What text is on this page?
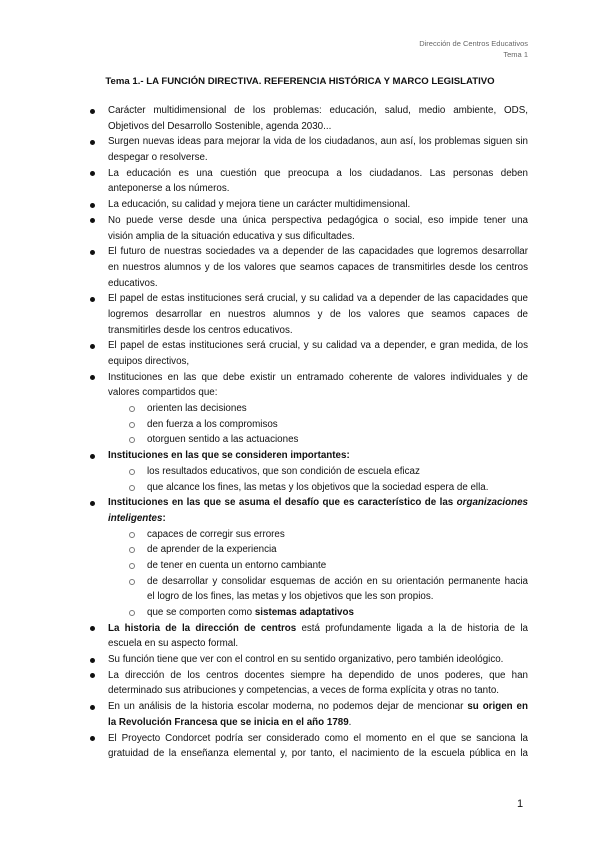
Dirección de Centros Educativos
Tema 1
Tema 1.- LA FUNCIÓN DIRECTIVA. REFERENCIA HISTÓRICA Y MARCO LEGISLATIVO
Carácter multidimensional de los problemas: educación, salud, medio ambiente, ODS,
Objetivos del Desarrollo Sostenible, agenda 2030...
Surgen nuevas ideas para mejorar la vida de los ciudadanos, aun así, los problemas siguen sin
despegar o resolverse.
La educación es una cuestión que preocupa a los ciudadanos. Las personas deben
anteponerse a los números.
La educación, su calidad y mejora tiene un carácter multidimensional.
No puede verse desde una única perspectiva pedagógica o social, eso impide tener una
visión amplia de la situación educativa y sus dificultades.
El futuro de nuestras sociedades va a depender de las capacidades que logremos desarrollar
en nuestros alumnos y de los valores que seamos capaces de transmitirles desde los centros
educativos.
El papel de estas instituciones será crucial, y su calidad va a depender de las capacidades que
logremos desarrollar en nuestros alumnos y de los valores que seamos capaces de
transmitirles desde los centros educativos.
El papel de estas instituciones será crucial, y su calidad va a depender, e gran medida, de los
equipos directivos,
Instituciones en las que debe existir un entramado coherente de valores individuales y de
valores compartidos que:
orienten las decisiones
den fuerza a los compromisos
otorguen sentido a las actuaciones
Instituciones en las que se consideren importantes:
los resultados educativos, que son condición de escuela eficaz
que alcance los fines, las metas y los objetivos que la sociedad espera de ella.
Instituciones en las que se asuma el desafío que es característico de las organizaciones
inteligentes:
capaces de corregir sus errores
de aprender de la experiencia
de tener en cuenta un entorno cambiante
de desarrollar y consolidar esquemas de acción en su orientación permanente hacia
el logro de los fines, las metas y los objetivos que les son propios.
que se comporten como sistemas adaptativos
La historia de la dirección de centros está profundamente ligada a la de historia de la
escuela en su aspecto formal.
Su función tiene que ver con el control en su sentido organizativo, pero también ideológico.
La dirección de los centros docentes siempre ha dependido de unos poderes, que han
determinado sus atribuciones y competencias, a veces de forma explícita y otras no tanto.
En un análisis de la historia escolar moderna, no podemos dejar de mencionar su origen en
la Revolución Francesa que se inicia en el año 1789.
El Proyecto Condorcet podría ser considerado como el momento en el que se sanciona la
gratuidad de la enseñanza elemental y, por tanto, el nacimiento de la escuela pública en la
1
